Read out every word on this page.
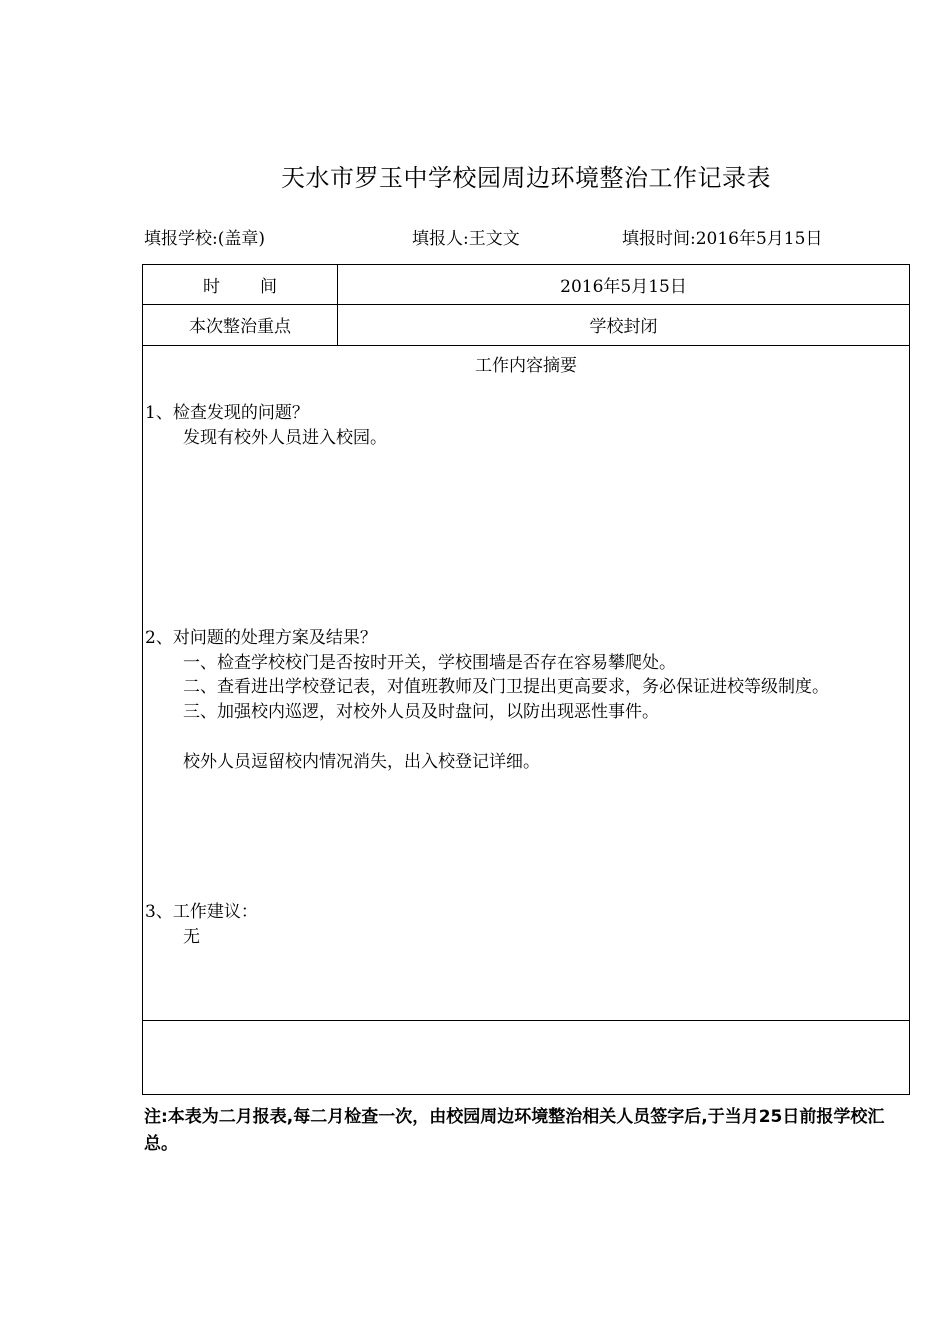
天水市罗玉中学校园周边环境整治工作记录表
填报学校:(盖章)	填报人:王文文	填报时间:2016年5月15日
时间	2016年5月15日
本次整治重点	学校封闭
工作内容摘要
1、检查发现的问题？
发现有校外人员进入校园。
2、对问题的处理方案及结果？
一、检查学校校门是否按时开关，学校围墙是否存在容易攀爬处。
二、查看进出学校登记表，对值班教师及门卫提出更高要求，务必保证进校等级制度。
三、加强校内巡逻，对校外人员及时盘问，以防出现恶性事件。
校外人员逗留校内情况消失，出入校登记详细。
3、工作建议：
无
注:本表为二月报表,每二月检查一次，由校园周边环境整治相关人员签字后,于当月25日前报学校汇总。
